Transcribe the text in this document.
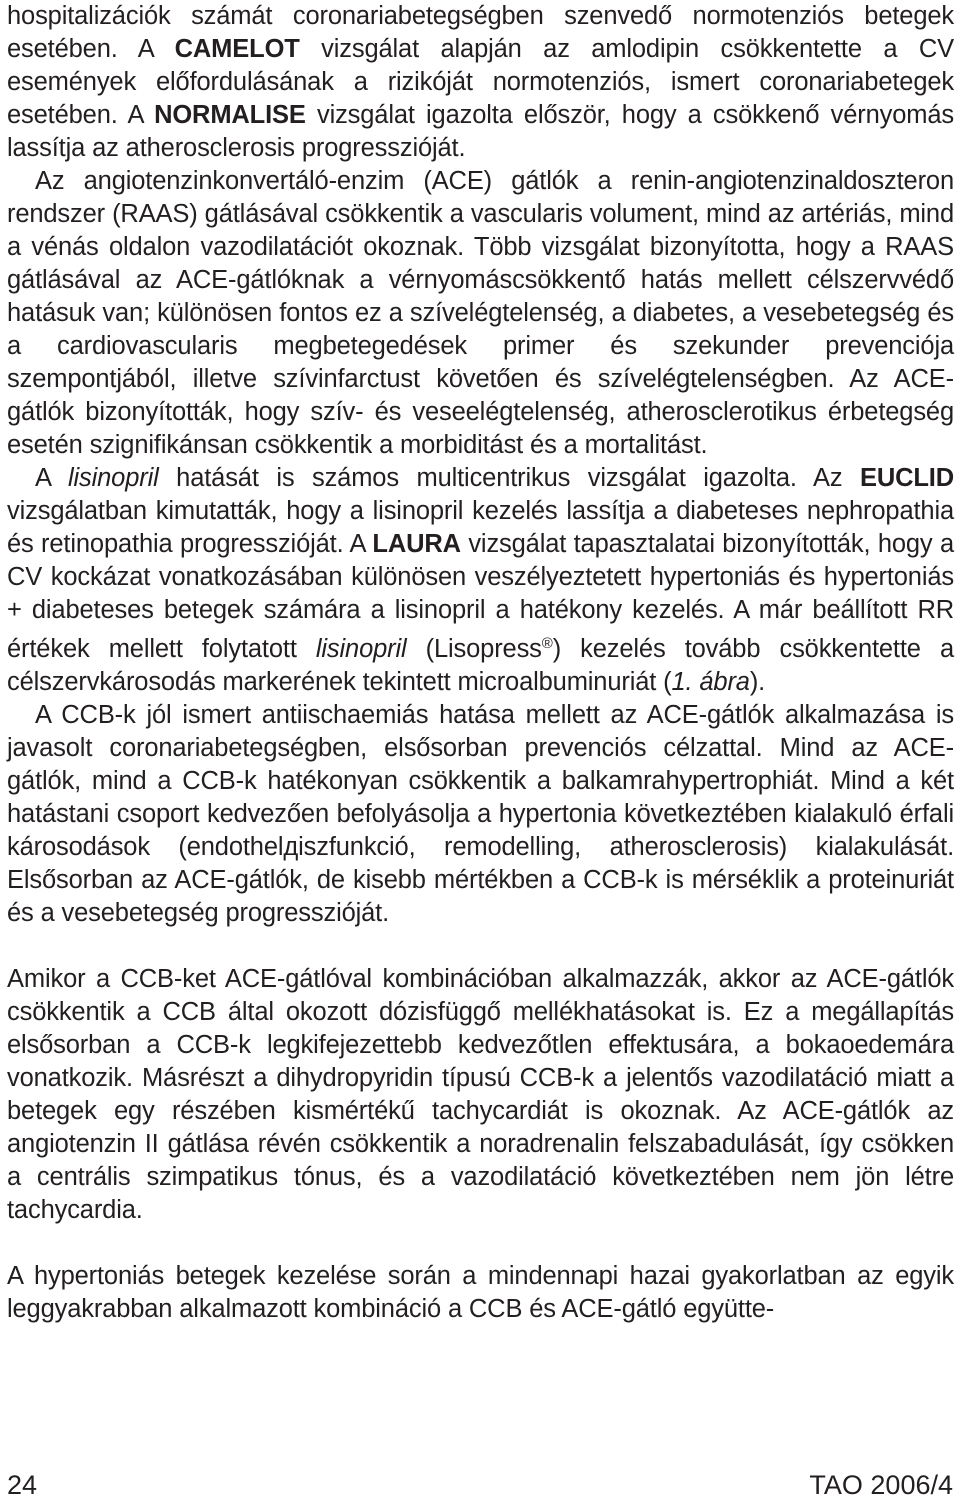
hospitalizációk számát coronariabetegségben szenvedő normotenziós betegek esetében. A CAMELOT vizsgálat alapján az amlodipin csökkentette a CV események előfordulásának a rizikóját normotenziós, ismert coronariabetegek esetében. A NORMALISE vizsgálat igazolta először, hogy a csökkenő vérnyomás lassítja az atherosclerosis progresszióját.

Az angiotenzinkonvertáló-enzim (ACE) gátlók a renin-angiotenzinaldoszteron rendszer (RAAS) gátlásával csökkentik a vascularis volument, mind az artériás, mind a vénás oldalon vazodilatációt okoznak. Több vizsgálat bizonyította, hogy a RAAS gátlásával az ACE-gátlóknak a vérnyomáscsökkentő hatás mellett célszervvédő hatásuk van; különösen fontos ez a szívelégtelenség, a diabetes, a vesebetegség és a cardiovascularis megbetegedések primer és szekunder prevenciója szempontjából, illetve szívinfarctust követően és szívelégtelenségben. Az ACE-gátlók bizonyították, hogy szív- és veseelégtelenség, atherosclerotikus érbetegség esetén szignifikánsan csökkentik a morbiditást és a mortalitást.

A lisinopril hatását is számos multicentrikus vizsgálat igazolta. Az EUCLID vizsgálatban kimutatták, hogy a lisinopril kezelés lassítja a diabeteses nephropathia és retinopathia progresszióját. A LAURA vizsgálat tapasztalatai bizonyították, hogy a CV kockázat vonatkozásában különösen veszélyeztetett hypertoniás és hypertoniás + diabeteses betegek számára a lisinopril a hatékony kezelés. A már beállított RR értékek mellett folytatott lisinopril (Lisopress®) kezelés tovább csökkentette a célszervkárosodás markerének tekintett microalbuminuriát (1. ábra).

A CCB-k jól ismert antiischaemiás hatása mellett az ACE-gátlók alkalmazása is javasolt coronariabetegségben, elsősorban prevenciós célzattal. Mind az ACE-gátlók, mind a CCB-k hatékonyan csökkentik a balkamrahypertrophiát. Mind a két hatástani csoport kedvezően befolyásolja a hypertonia következtében kialakuló érfali károsodások (endothelдiszfunkció, remodelling, atherosclerosis) kialakulását. Elsősorban az ACE-gátlók, de kisebb mértékben a CCB-k is mérséklik a proteinuriát és a vesebetegség progresszióját.

Amikor a CCB-ket ACE-gátlóval kombinációban alkalmazzák, akkor az ACE-gátlók csökkentik a CCB által okozott dózisfüggő mellékhatásokat is. Ez a megállapítás elsősorban a CCB-k legkifejezettebb kedvezőtlen effektusára, a bokaoedemára vonatkozik. Másrészt a dihydropyridin típusú CCB-k a jelentős vazodilatáció miatt a betegek egy részében kismértékű tachycardiát is okoznak. Az ACE-gátlók az angiotenzin II gátlása révén csökkentik a noradrenalin felszabadulását, így csökken a centrális szimpatikus tónus, és a vazodilatáció következtében nem jön létre tachycardia.

A hypertoniás betegek kezelése során a mindennapi hazai gyakorlatban az egyik leggyakrabban alkalmazott kombináció a CCB és ACE-gátló együtte-

24	TAO 2006/4
